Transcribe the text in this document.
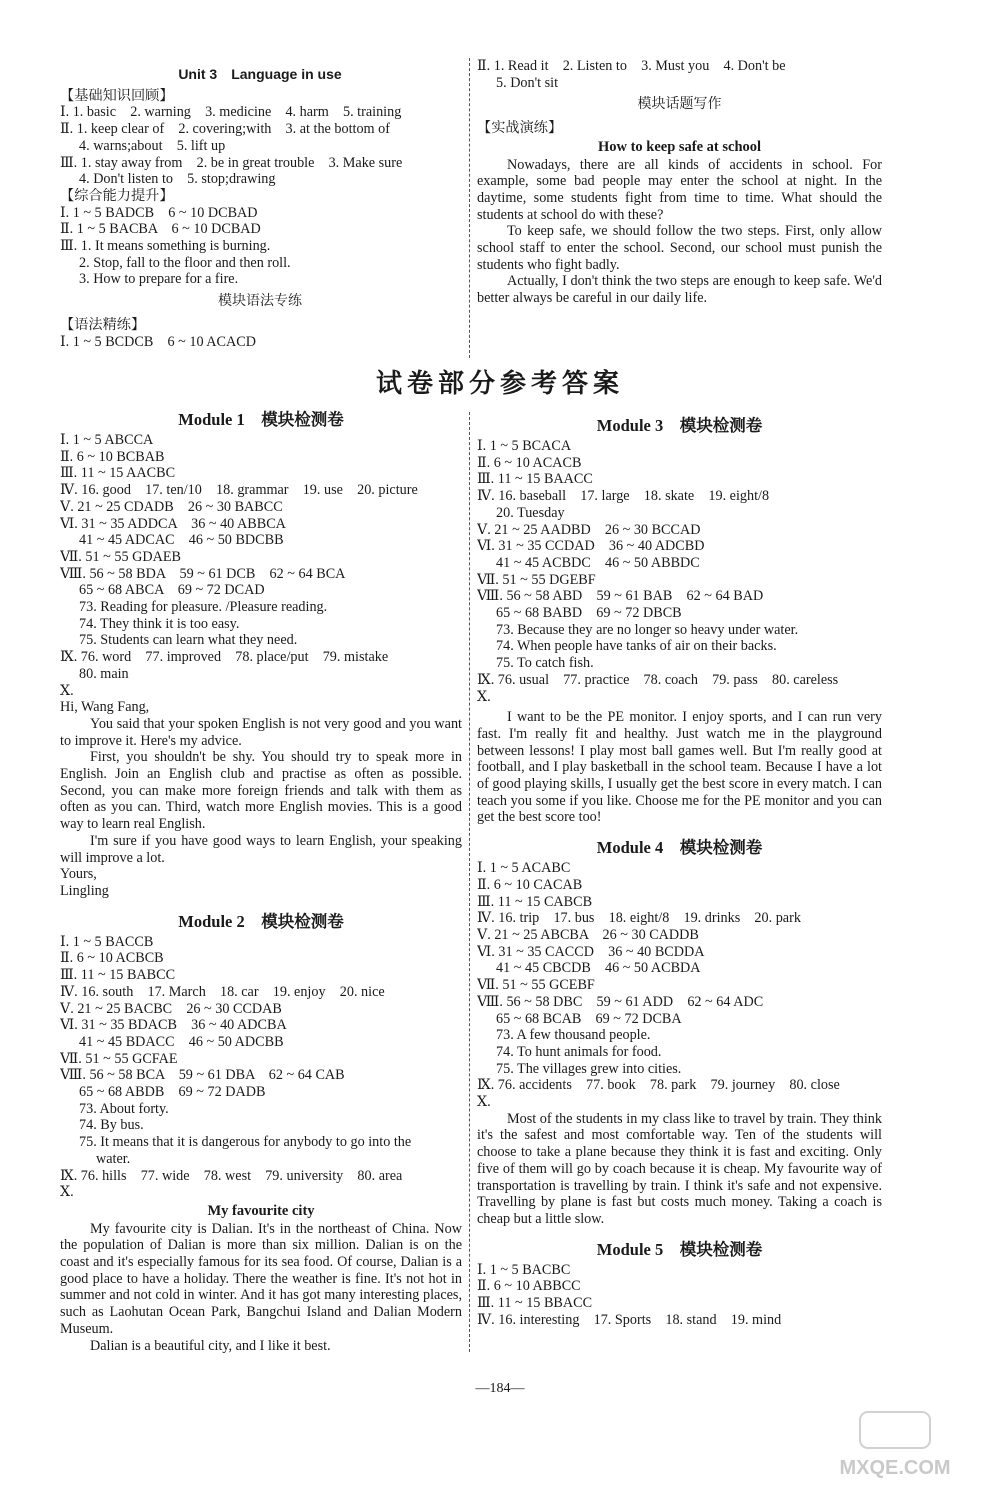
Unit 3　Language in use
【基础知识回顾】
Ⅰ. 1. basic　2. warning　3. medicine　4. harm　5. training
Ⅱ. 1. keep clear of　2. covering;with　3. at the bottom of
4. warns;about　5. lift up
Ⅲ. 1. stay away from　2. be in great trouble　3. Make sure
4. Don't listen to　5. stop;drawing
【综合能力提升】
Ⅰ. 1 ~ 5 BADCB　6 ~ 10 DCBAD
Ⅱ. 1 ~ 5 BACBA　6 ~ 10 DCBAD
Ⅲ. 1. It means something is burning.
2. Stop, fall to the floor and then roll.
3. How to prepare for a fire.
模块语法专练
【语法精练】
Ⅰ. 1 ~ 5 BCDCB　6 ~ 10 ACACD
Ⅱ. 1. Read it　2. Listen to　3. Must you　4. Don't be
5. Don't sit
模块话题写作
【实战演练】
How to keep safe at school
Nowadays, there are all kinds of accidents in school. For example, some bad people may enter the school at night. In the daytime, some students fight from time to time. What should the students at school do with these?
To keep safe, we should follow the two steps. First, only allow school staff to enter the school. Second, our school must punish the students who fight badly.
Actually, I don't think the two steps are enough to keep safe. We'd better always be careful in our daily life.
试卷部分参考答案
Module 1　模块检测卷
Ⅰ. 1 ~ 5 ABCCA
Ⅱ. 6 ~ 10 BCBAB
Ⅲ. 11 ~ 15 AACBC
Ⅳ. 16. good　17. ten/10　18. grammar　19. use　20. picture
Ⅴ. 21 ~ 25 CDADB　26 ~ 30 BABCC
Ⅵ. 31 ~ 35 ADDCA　36 ~ 40 ABBCA
41 ~ 45 ADCAC　46 ~ 50 BDCBB
Ⅶ. 51 ~ 55 GDAEB
Ⅷ. 56 ~ 58 BDA　59 ~ 61 DCB　62 ~ 64 BCA
65 ~ 68 ABCA　69 ~ 72 DCAD
73. Reading for pleasure. /Pleasure reading.
74. They think it is too easy.
75. Students can learn what they need.
Ⅸ. 76. word　77. improved　78. place/put　79. mistake
80. main
Ⅹ.
Hi, Wang Fang,
You said that your spoken English is not very good and you want to improve it. Here's my advice.
First, you shouldn't be shy. You should try to speak more in English. Join an English club and practise as often as possible. Second, you can make more foreign friends and talk with them as often as you can. Third, watch more English movies. This is a good way to learn real English.
I'm sure if you have good ways to learn English, your speaking will improve a lot.
Yours,
Lingling
Module 2　模块检测卷
Ⅰ. 1 ~ 5 BACCB
Ⅱ. 6 ~ 10 ACBCB
Ⅲ. 11 ~ 15 BABCC
Ⅳ. 16. south　17. March　18. car　19. enjoy　20. nice
Ⅴ. 21 ~ 25 BACBC　26 ~ 30 CCDAB
Ⅵ. 31 ~ 35 BDACB　36 ~ 40 ADCBA
41 ~ 45 BDACC　46 ~ 50 ADCBB
Ⅶ. 51 ~ 55 GCFAE
Ⅷ. 56 ~ 58 BCA　59 ~ 61 DBA　62 ~ 64 CAB
65 ~ 68 ABDB　69 ~ 72 DADB
73. About forty.
74. By bus.
75. It means that it is dangerous for anybody to go into the
water.
Ⅸ. 76. hills　77. wide　78. west　79. university　80. area
Ⅹ.
My favourite city
My favourite city is Dalian. It's in the northeast of China. Now the population of Dalian is more than six million. Dalian is on the coast and it's especially famous for its sea food. Of course, Dalian is a good place to have a holiday. There the weather is fine. It's not hot in summer and not cold in winter. And it has got many interesting places, such as Laohutan Ocean Park, Bangchui Island and Dalian Modern Museum.
Dalian is a beautiful city, and I like it best.
Module 3　模块检测卷
Ⅰ. 1 ~ 5 BCACA
Ⅱ. 6 ~ 10 ACACB
Ⅲ. 11 ~ 15 BAACC
Ⅳ. 16. baseball　17. large　18. skate　19. eight/8
20. Tuesday
Ⅴ. 21 ~ 25 AADBD　26 ~ 30 BCCAD
Ⅵ. 31 ~ 35 CCDAD　36 ~ 40 ADCBD
41 ~ 45 ACBDC　46 ~ 50 ABBDC
Ⅶ. 51 ~ 55 DGEBF
Ⅷ. 56 ~ 58 ABD　59 ~ 61 BAB　62 ~ 64 BAD
65 ~ 68 BABD　69 ~ 72 DBCB
73. Because they are no longer so heavy under water.
74. When people have tanks of air on their backs.
75. To catch fish.
Ⅸ. 76. usual　77. practice　78. coach　79. pass　80. careless
Ⅹ.
I want to be the PE monitor. I enjoy sports, and I can run very fast. I'm really fit and healthy. Just watch me in the playground between lessons! I play most ball games well. But I'm really good at football, and I play basketball in the school team. Because I have a lot of good playing skills, I usually get the best score in every match. I can teach you some if you like. Choose me for the PE monitor and you can get the best score too!
Module 4　模块检测卷
Ⅰ. 1 ~ 5 ACABC
Ⅱ. 6 ~ 10 CACAB
Ⅲ. 11 ~ 15 CABCB
Ⅳ. 16. trip　17. bus　18. eight/8　19. drinks　20. park
Ⅴ. 21 ~ 25 ABCBA　26 ~ 30 CADDB
Ⅵ. 31 ~ 35 CACCD　36 ~ 40 BCDDA
41 ~ 45 CBCDB　46 ~ 50 ACBDA
Ⅶ. 51 ~ 55 GCEBF
Ⅷ. 56 ~ 58 DBC　59 ~ 61 ADD　62 ~ 64 ADC
65 ~ 68 BCAB　69 ~ 72 DCBA
73. A few thousand people.
74. To hunt animals for food.
75. The villages grew into cities.
Ⅸ. 76. accidents　77. book　78. park　79. journey　80. close
Ⅹ.
Most of the students in my class like to travel by train. They think it's the safest and most comfortable way. Ten of the students will choose to take a plane because they think it is fast and exciting. Only five of them will go by coach because it is cheap. My favourite way of transportation is travelling by train. I think it's safe and not expensive. Travelling by plane is fast but costs much money. Taking a coach is cheap but a little slow.
Module 5　模块检测卷
Ⅰ. 1 ~ 5 BACBC
Ⅱ. 6 ~ 10 ABBCC
Ⅲ. 11 ~ 15 BBACC
Ⅳ. 16. interesting　17. Sports　18. stand　19. mind
—184—
MXQE.COM
